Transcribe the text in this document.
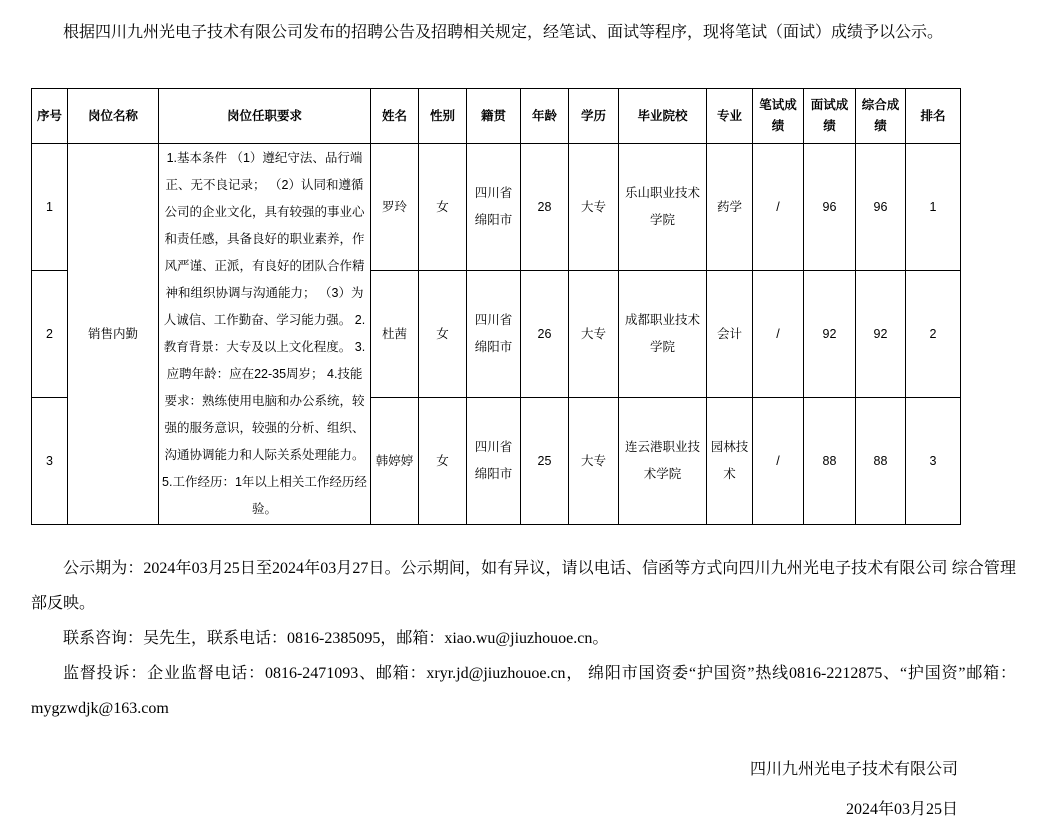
根据四川九州光电子技术有限公司发布的招聘公告及招聘相关规定，经笔试、面试等程序，现将笔试（面试）成绩予以公示。

序号	岗位名称	岗位任职要求	姓名	性别	籍贯	年龄	学历	毕业院校	专业	笔试成绩	面试成绩	综合成绩	排名
1	销售内勤	1.基本条件 （1）遵纪守法、品行端正、无不良记录； （2）认同和遵循公司的企业文化，具有较强的事业心和责任感，具备良好的职业素养，作风严谨、正派，有良好的团队合作精神和组织协调与沟通能力； （3）为人诚信、工作勤奋、学习能力强。 2.教育背景：大专及以上文化程度。 3.应聘年龄：应在22-35周岁； 4.技能要求：熟练使用电脑和办公系统，较强的服务意识，较强的分析、组织、沟通协调能力和人际关系处理能力。 5.工作经历：1年以上相关工作经历经验。	罗玲	女	四川省绵阳市	28	大专	乐山职业技术学院	药学	/	96	96	1
2			杜茜	女	四川省绵阳市	26	大专	成都职业技术学院	会计	/	92	92	2
3			韩婷婷	女	四川省绵阳市	25	大专	连云港职业技术学院	园林技术	/	88	88	3

公示期为：2024年03月25日至2024年03月27日。公示期间，如有异议，请以电话、信函等方式向四川九州光电子技术有限公司 综合管理部反映。

联系咨询：吴先生，联系电话：0816-2385095，邮箱：xiao.wu@jiuzhouoe.cn。

监督投诉：企业监督电话：0816-2471093、邮箱：xryr.jd@jiuzhouoe.cn， 绵阳市国资委“护国资”热线0816-2212875、“护国资”邮箱：mygzwdjk@163.com

四川九州光电子技术有限公司

2024年03月25日
